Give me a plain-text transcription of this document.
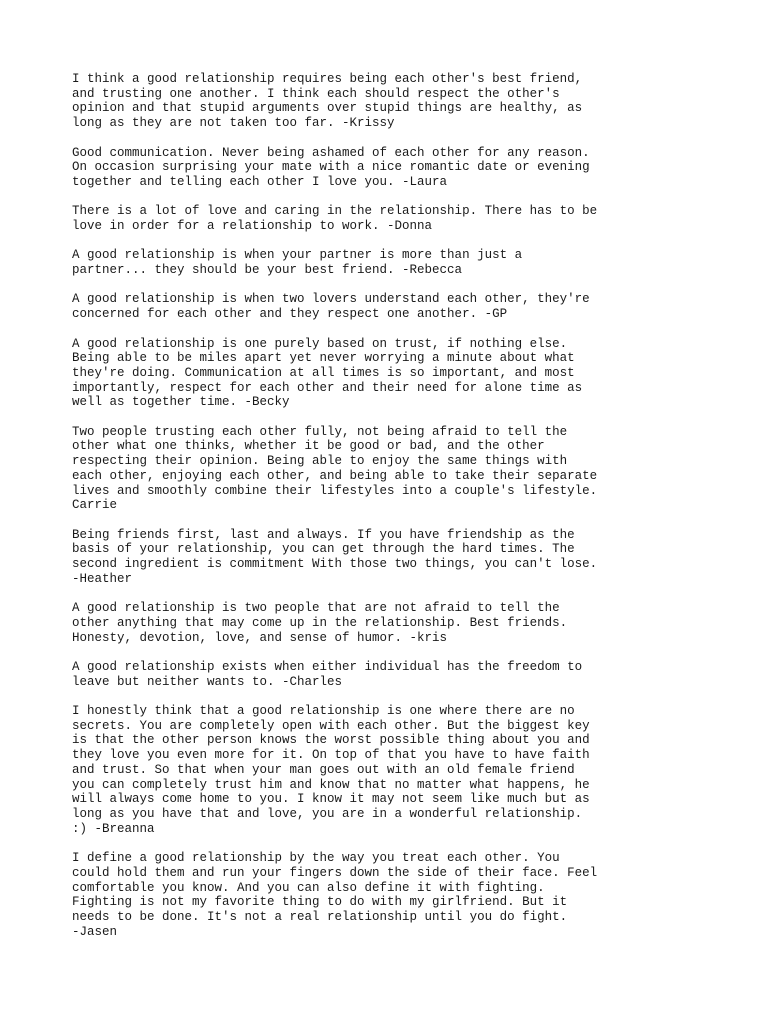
I think a good relationship requires being each other's best friend,
and trusting one another. I think each should respect the other's
opinion and that stupid arguments over stupid things are healthy, as
long as they are not taken too far. -Krissy
Good communication. Never being ashamed of each other for any reason.
On occasion surprising your mate with a nice romantic date or evening
together and telling each other I love you. -Laura
There is a lot of love and caring in the relationship. There has to be
love in order for a relationship to work. -Donna
A good relationship is when your partner is more than just a
partner... they should be your best friend. -Rebecca
A good relationship is when two lovers understand each other, they're
concerned for each other and they respect one another. -GP
A good relationship is one purely based on trust, if nothing else.
Being able to be miles apart yet never worrying a minute about what
they're doing. Communication at all times is so important, and most
importantly, respect for each other and their need for alone time as
well as together time. -Becky
Two people trusting each other fully, not being afraid to tell the
other what one thinks, whether it be good or bad, and the other
respecting their opinion. Being able to enjoy the same things with
each other, enjoying each other, and being able to take their separate
lives and smoothly combine their lifestyles into a couple's lifestyle.
Carrie
Being friends first, last and always. If you have friendship as the
basis of your relationship, you can get through the hard times. The
second ingredient is commitment With those two things, you can't lose.
-Heather
A good relationship is two people that are not afraid to tell the
other anything that may come up in the relationship. Best friends.
Honesty, devotion, love, and sense of humor. -kris
A good relationship exists when either individual has the freedom to
leave but neither wants to. -Charles
I honestly think that a good relationship is one where there are no
secrets. You are completely open with each other. But the biggest key
is that the other person knows the worst possible thing about you and
they love you even more for it. On top of that you have to have faith
and trust. So that when your man goes out with an old female friend
you can completely trust him and know that no matter what happens, he
will always come home to you. I know it may not seem like much but as
long as you have that and love, you are in a wonderful relationship.
:) -Breanna
I define a good relationship by the way you treat each other. You
could hold them and run your fingers down the side of their face. Feel
comfortable you know. And you can also define it with fighting.
Fighting is not my favorite thing to do with my girlfriend. But it
needs to be done. It's not a real relationship until you do fight.
-Jasen
